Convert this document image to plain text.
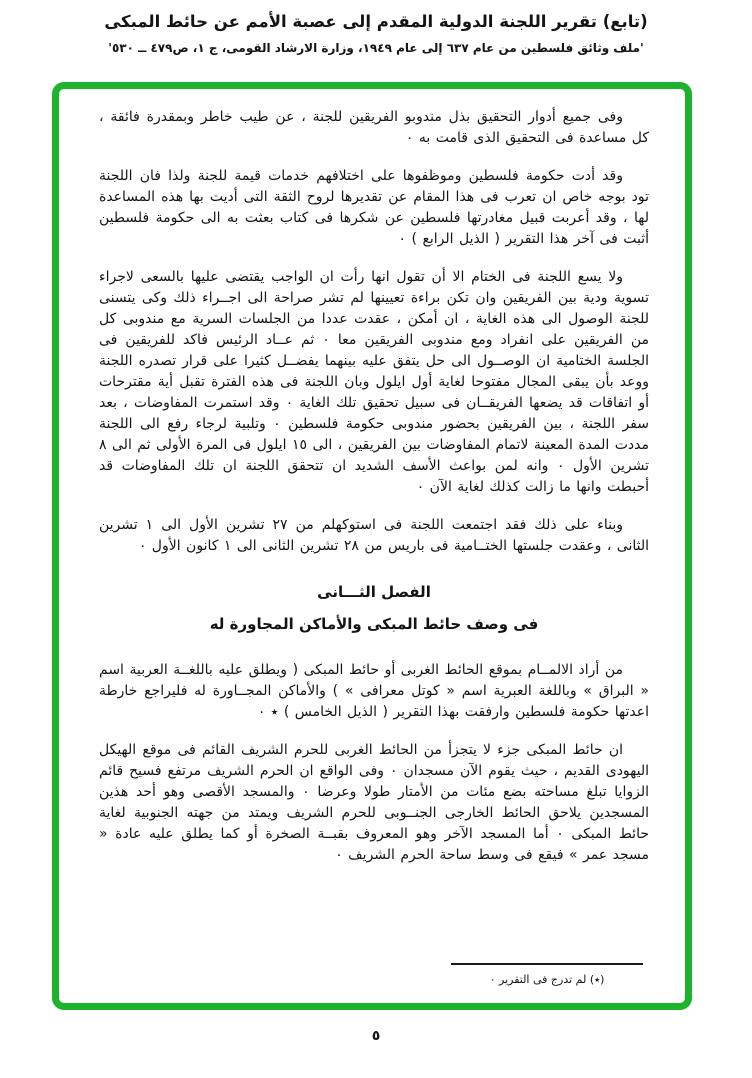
(تابع) تقرير اللجنة الدولية المقدم إلى عصبة الأمم عن حائط المبكى
'ملف وثائق فلسطين من عام ٦٣٧ إلى عام ١٩٤٩، وزارة الارشاد القومى، ج ١، ص٤٧٩ ــ ٥٣٠'

وفى جميع أدوار التحقيق بذل مندوبو الفريقين للجنة ، عن طيب خاطر وبمقدرة فائقة ، كل مساعدة فى التحقيق الذى قامت به ٠

وقد أدت حكومة فلسطين وموظفوها على اختلافهم خدمات قيمة للجنة ولذا فان اللجنة تود بوجه خاص ان تعرب فى هذا المقام عن تقديرها لروح الثقة التى أديت بها هذه المساعدة لها ، وقد أعربت قبيل مغادرتها فلسطين عن شكرها فى كتاب بعثت به الى حكومة فلسطين أثبت فى آخر هذا التقرير ( الذيل الرابع ) ٠

ولا يسع اللجنة فى الختام الا أن تقول انها رأت ان الواجب يقتضى عليها بالسعى لاجراء تسوية ودية بين الفريقين وان تكن براءة تعيينها لم تشر صراحة الى اجــراء ذلك وكى يتسنى للجنة الوصول الى هذه الغاية ، ان أمكن ، عقدت عددا من الجلسات السرية مع مندوبى كل من الفريقين على انفراد ومع مندوبى الفريقين معا ٠ ثم عــاد الرئيس فاكد للفريقين فى الجلسة الختامية ان الوصــول الى حل يتفق عليه بينهما يفضــل كثيرا على قرار تصدره اللجنة ووعد بأن يبقى المجال مفتوحا لغاية أول ايلول وبان اللجنة فى هذه الفترة تقبل أية مقترحات أو اتفاقات قد يضعها الفريقــان فى سبيل تحقيق تلك الغاية ٠ وقد استمرت المفاوضات ، بعد سفر اللجنة ، بين الفريقين بحضور مندوبى حكومة فلسطين ٠ وتلبية لرجاء رفع الى اللجنة مددت المدة المعينة لاتمام المفاوضات بين الفريقين ، الى ١٥ ايلول فى المرة الأولى ثم الى ٨ تشرين الأول ٠ وانه لمن بواعث الأسف الشديد ان تتحقق اللجنة ان تلك المفاوضات قد أحبطت وانها ما زالت كذلك لغاية الآن ٠

وبناء على ذلك فقد اجتمعت اللجنة فى استوكهلم من ٢٧ تشرين الأول الى ١ تشرين الثانى ، وعقدت جلستها الختــامية فى باريس من ٢٨ تشرين الثانى الى ١ كانون الأول ٠

الفصل الثـــانى
فى وصف حائط المبكى والأماكن المجاورة له

من أراد الالمــام بموقع الحائط الغربى أو حائط المبكى ( ويطلق عليه باللغــة العربية اسم « البراق » وباللغة العبرية اسم « كوتل معرافى » ) والأماكن المجــاورة له فليراجع خارطة اعدتها حكومة فلسطين وارفقت بهذا التقرير ( الذيل الخامس ) ٭ ٠

ان حائط المبكى جزء لا يتجزأ من الحائط الغربى للحرم الشريف القائم فى موقع الهيكل اليهودى القديم ، حيث يقوم الآن مسجدان ٠ وفى الواقع ان الحرم الشريف مرتفع فسيح قائم الزوايا تبلغ مساحته بضع مئات من الأمتار طولا وعرضا ٠ والمسجد الأقصى وهو أحد هذين المسجدين يلاحق الحائط الخارجى الجنــوبى للحرم الشريف ويمتد من جهته الجنوبية لغاية حائط المبكى ٠ أما المسجد الآخر وهو المعروف بقبــة الصخرة أو كما يطلق عليه عادة « مسجد عمر » فيقع فى وسط ساحة الحرم الشريف ٠

(٭) لم تدرج فى التقرير ٠
٥
